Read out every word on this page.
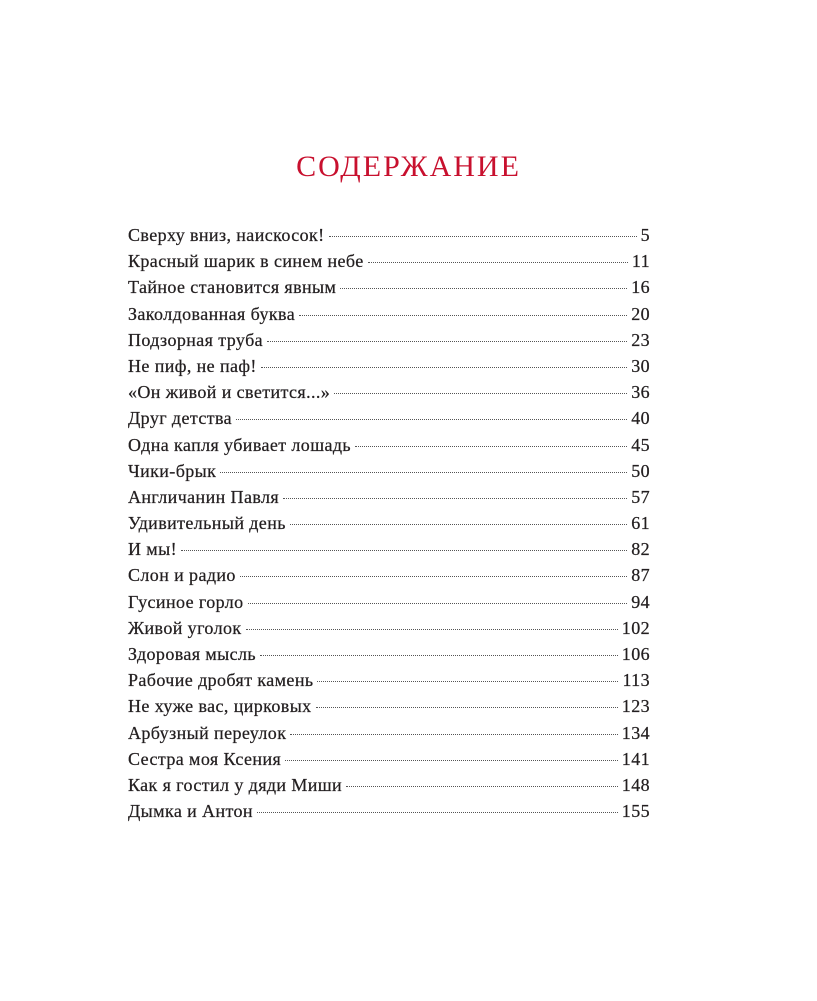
СОДЕРЖАНИЕ
Сверху вниз, наискосок!	5
Красный шарик в синем небе	11
Тайное становится явным	16
Заколдованная буква	20
Подзорная труба	23
Не пиф, не паф!	30
«Он живой и светится...»	36
Друг детства	40
Одна капля убивает лошадь	45
Чики-брык	50
Англичанин Павля	57
Удивительный день	61
И мы!	82
Слон и радио	87
Гусиное горло	94
Живой уголок	102
Здоровая мысль	106
Рабочие дробят камень	113
Не хуже вас, цирковых	123
Арбузный переулок	134
Сестра моя Ксения	141
Как я гостил у дяди Миши	148
Дымка и Антон	155
